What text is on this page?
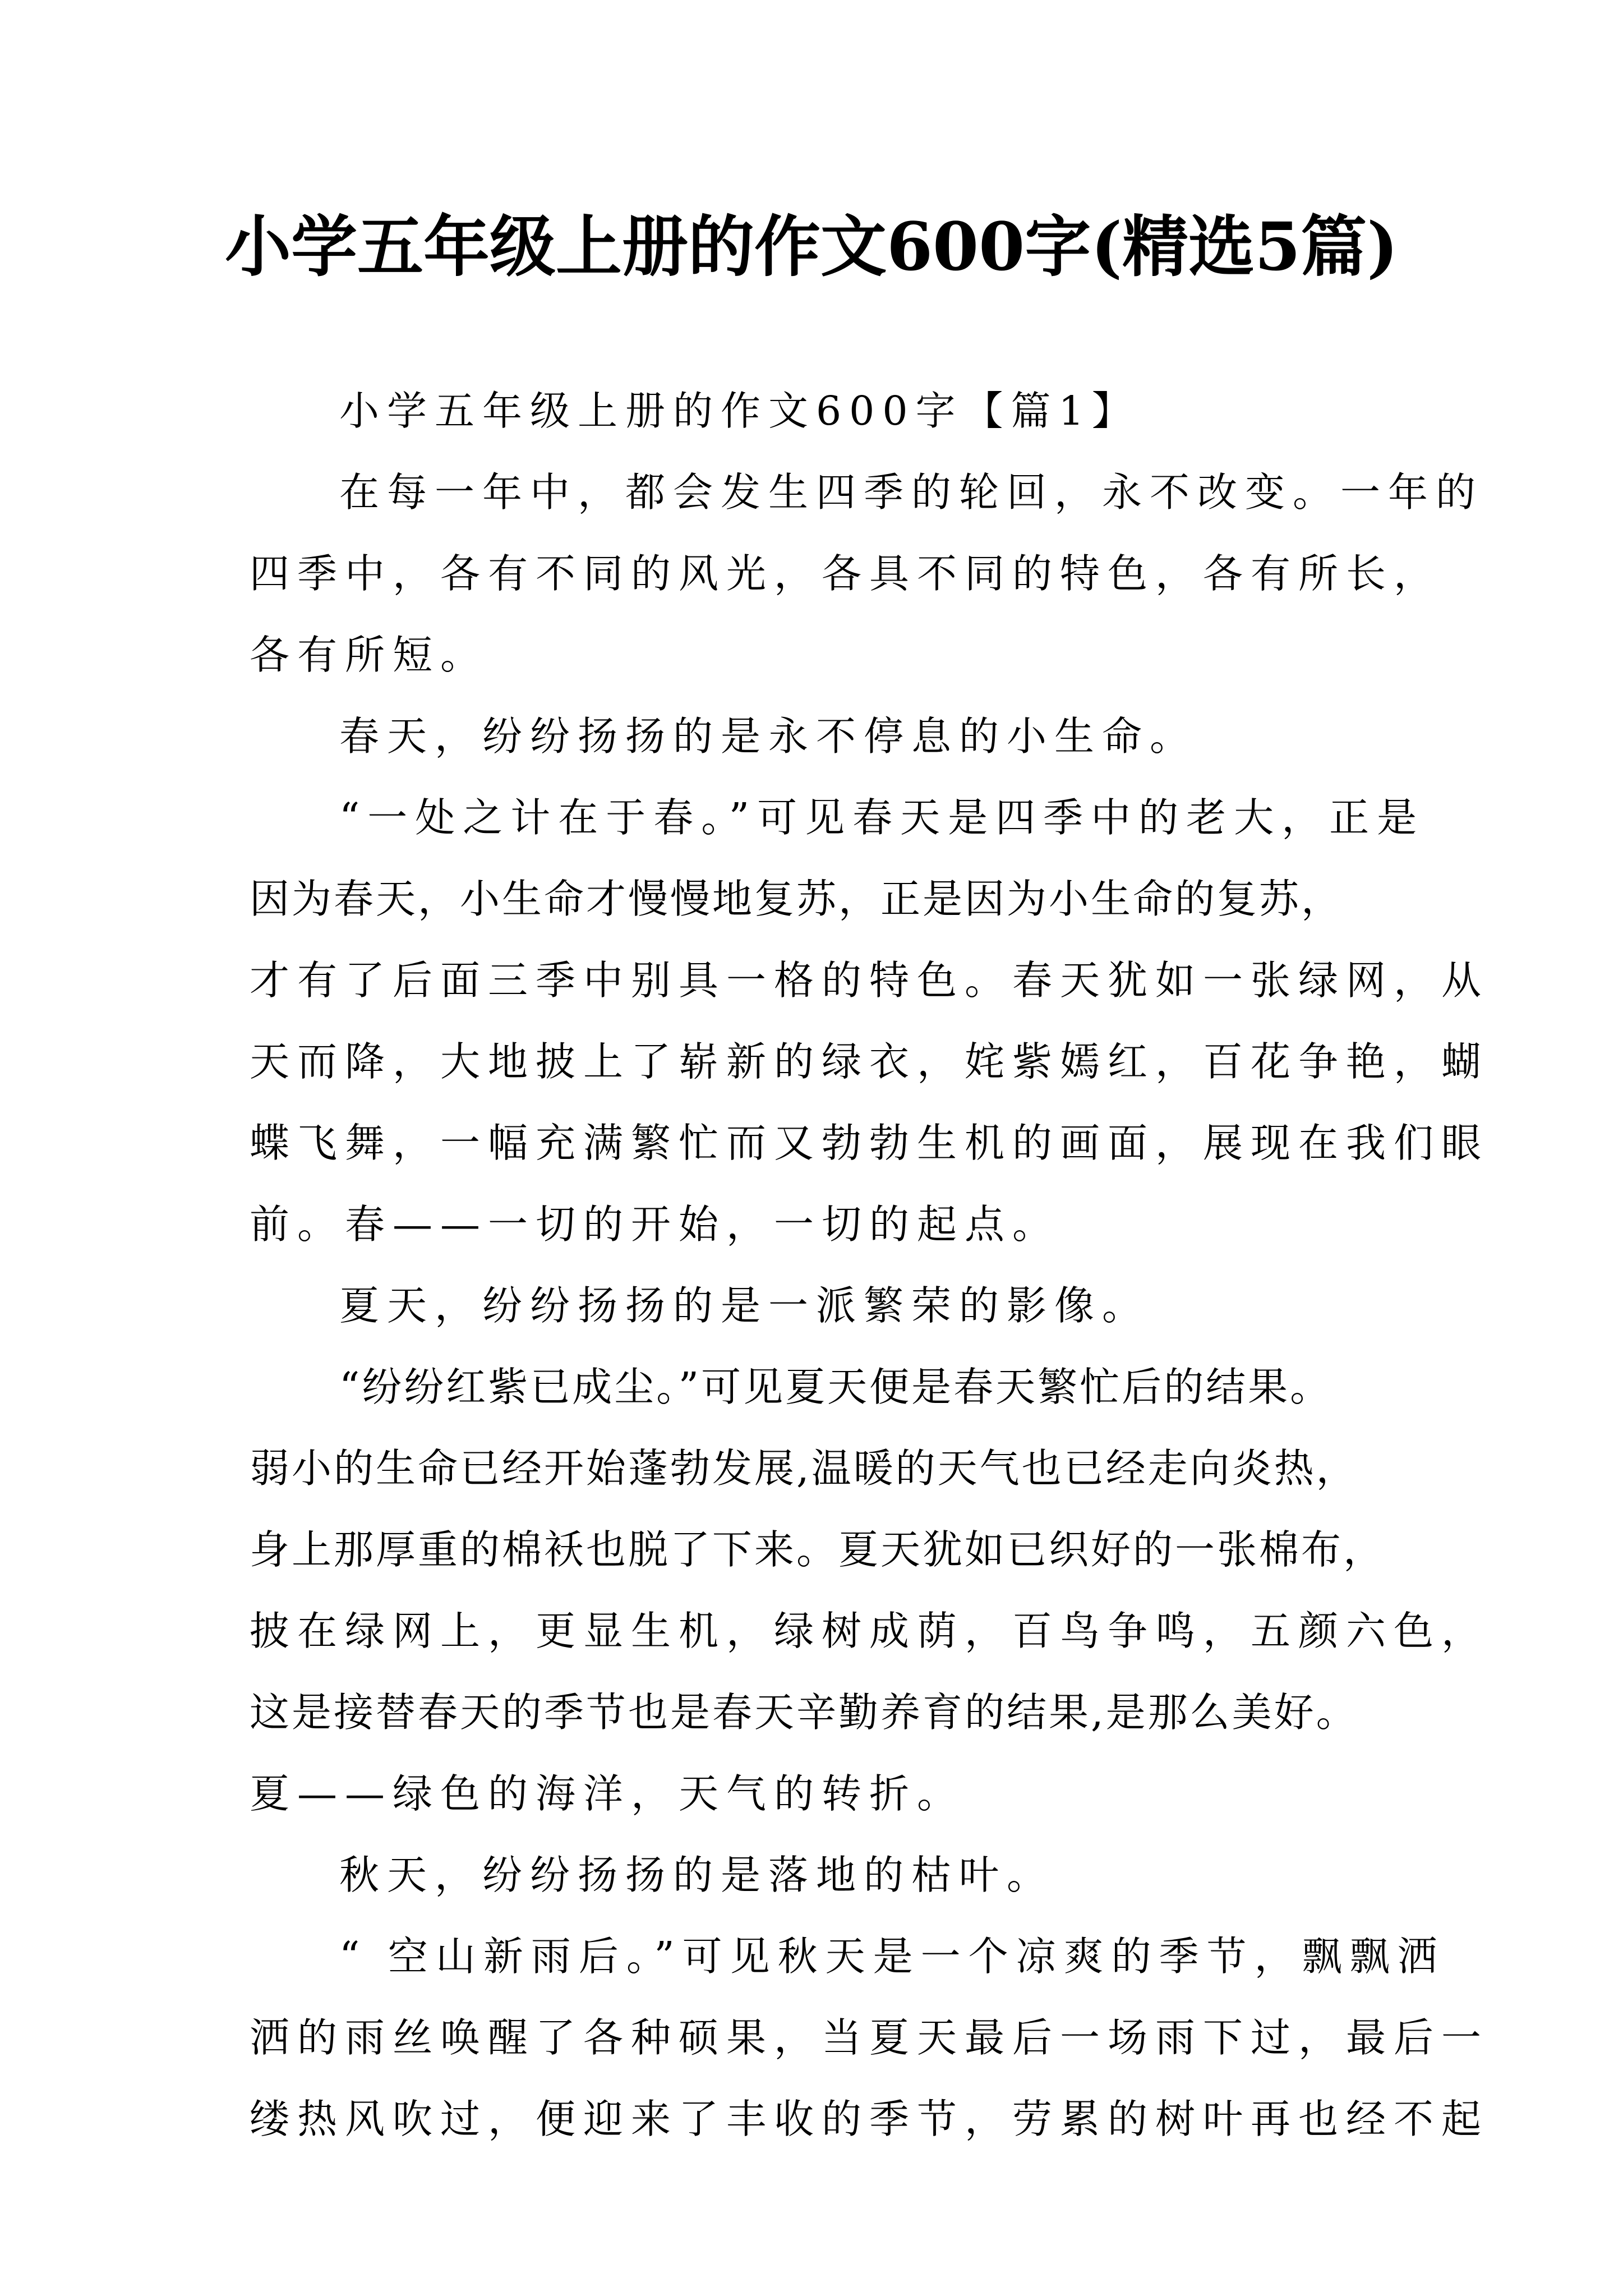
小学五年级上册的作文600字(精选5篇)
小学五年级上册的作文600字【篇1】
在每一年中，都会发生四季的轮回，永不改变。一年的
四季中，各有不同的风光，各具不同的特色，各有所长，
各有所短。
春天，纷纷扬扬的是永不停息的小生命。
“一处之计在于春。”可见春天是四季中的老大，正是
因为春天，小生命才慢慢地复苏，正是因为小生命的复苏，
才有了后面三季中别具一格的特色。春天犹如一张绿网，从
天而降，大地披上了崭新的绿衣，姹紫嫣红，百花争艳，蝴
蝶飞舞，一幅充满繁忙而又勃勃生机的画面，展现在我们眼
前。春——一切的开始，一切的起点。
夏天，纷纷扬扬的是一派繁荣的影像。
“纷纷红紫已成尘。”可见夏天便是春天繁忙后的结果。
弱小的生命已经开始蓬勃发展,温暖的天气也已经走向炎热，
身上那厚重的棉袄也脱了下来。夏天犹如已织好的一张棉布，
披在绿网上，更显生机，绿树成荫，百鸟争鸣，五颜六色，
这是接替春天的季节也是春天辛勤养育的结果,是那么美好。
夏——绿色的海洋，天气的转折。
秋天，纷纷扬扬的是落地的枯叶。
“ 空山新雨后。”可见秋天是一个凉爽的季节，飘飘洒
洒的雨丝唤醒了各种硕果，当夏天最后一场雨下过，最后一
缕热风吹过，便迎来了丰收的季节，劳累的树叶再也经不起
